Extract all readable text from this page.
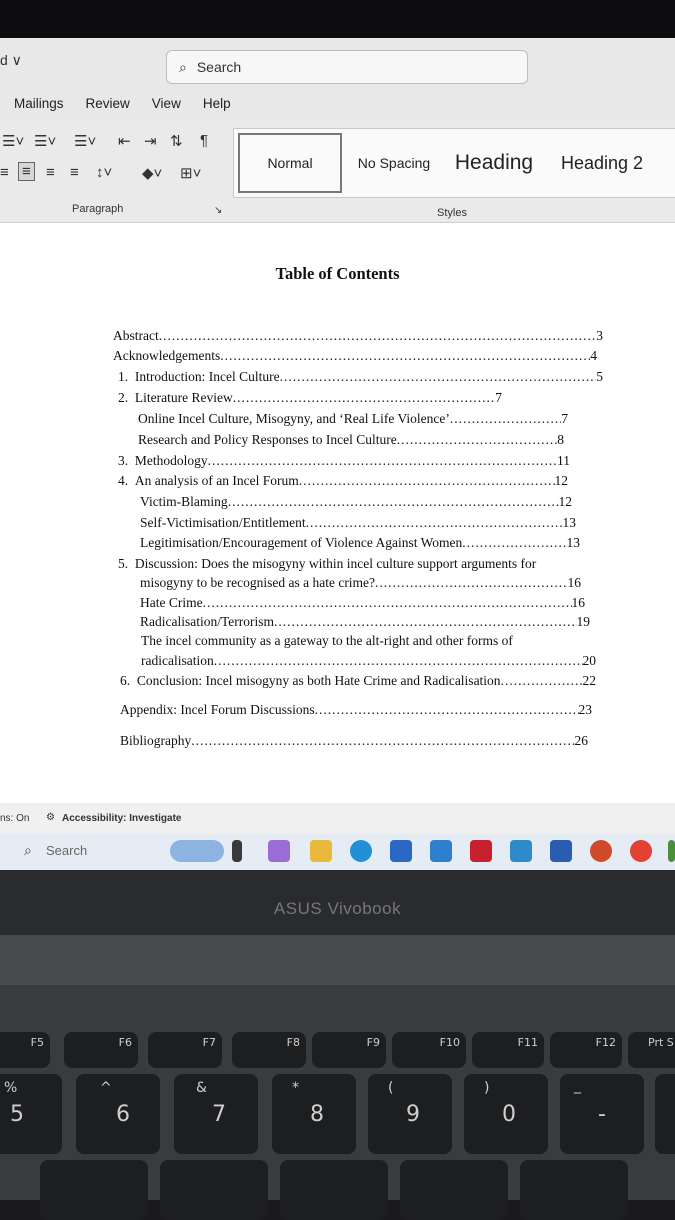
d ∨	⌕ Search
Mailings Review View Help
☰˅ ☰˅ ☰˅ ⇤ ⇥ ⇅ ¶
≡ ≡ ≡ ≡ ↕˅ ◆˅ ⊞˅
Paragraph	↘
Normal	No Spacing	Heading	Heading 2
Styles
Table of Contents
Abstract .....	3
Acknowledgements .....	4
1.  Introduction: Incel Culture .....	5
2.  Literature Review .....	7
Online Incel Culture, Misogyny, and ‘Real Life Violence’ .....	7
Research and Policy Responses to Incel Culture .....	8
3.  Methodology .....	11
4.  An analysis of an Incel Forum .....	12
Victim-Blaming .....	12
Self-Victimisation/Entitlement .....	13
Legitimisation/Encouragement of Violence Against Women .....	13
5.  Discussion: Does the misogyny within incel culture support arguments for
misogyny to be recognised as a hate crime? .....	16
Hate Crime .....	16
Radicalisation/Terrorism .....	19
The incel community as a gateway to the alt-right and other forms of
radicalisation .....	20
6.  Conclusion: Incel misogyny as both Hate Crime and Radicalisation .....	22
Appendix: Incel Forum Discussions .....	23
Bibliography .....	26
ns: On ⚙ Accessibility: Investigate
⌕ Search
ASUS Vivobook
F5	F6	F7	F8	F9	F10	F11	F12	Prt S
%
5
^
6
&
7
*
8
(
9
)
0
_
-
